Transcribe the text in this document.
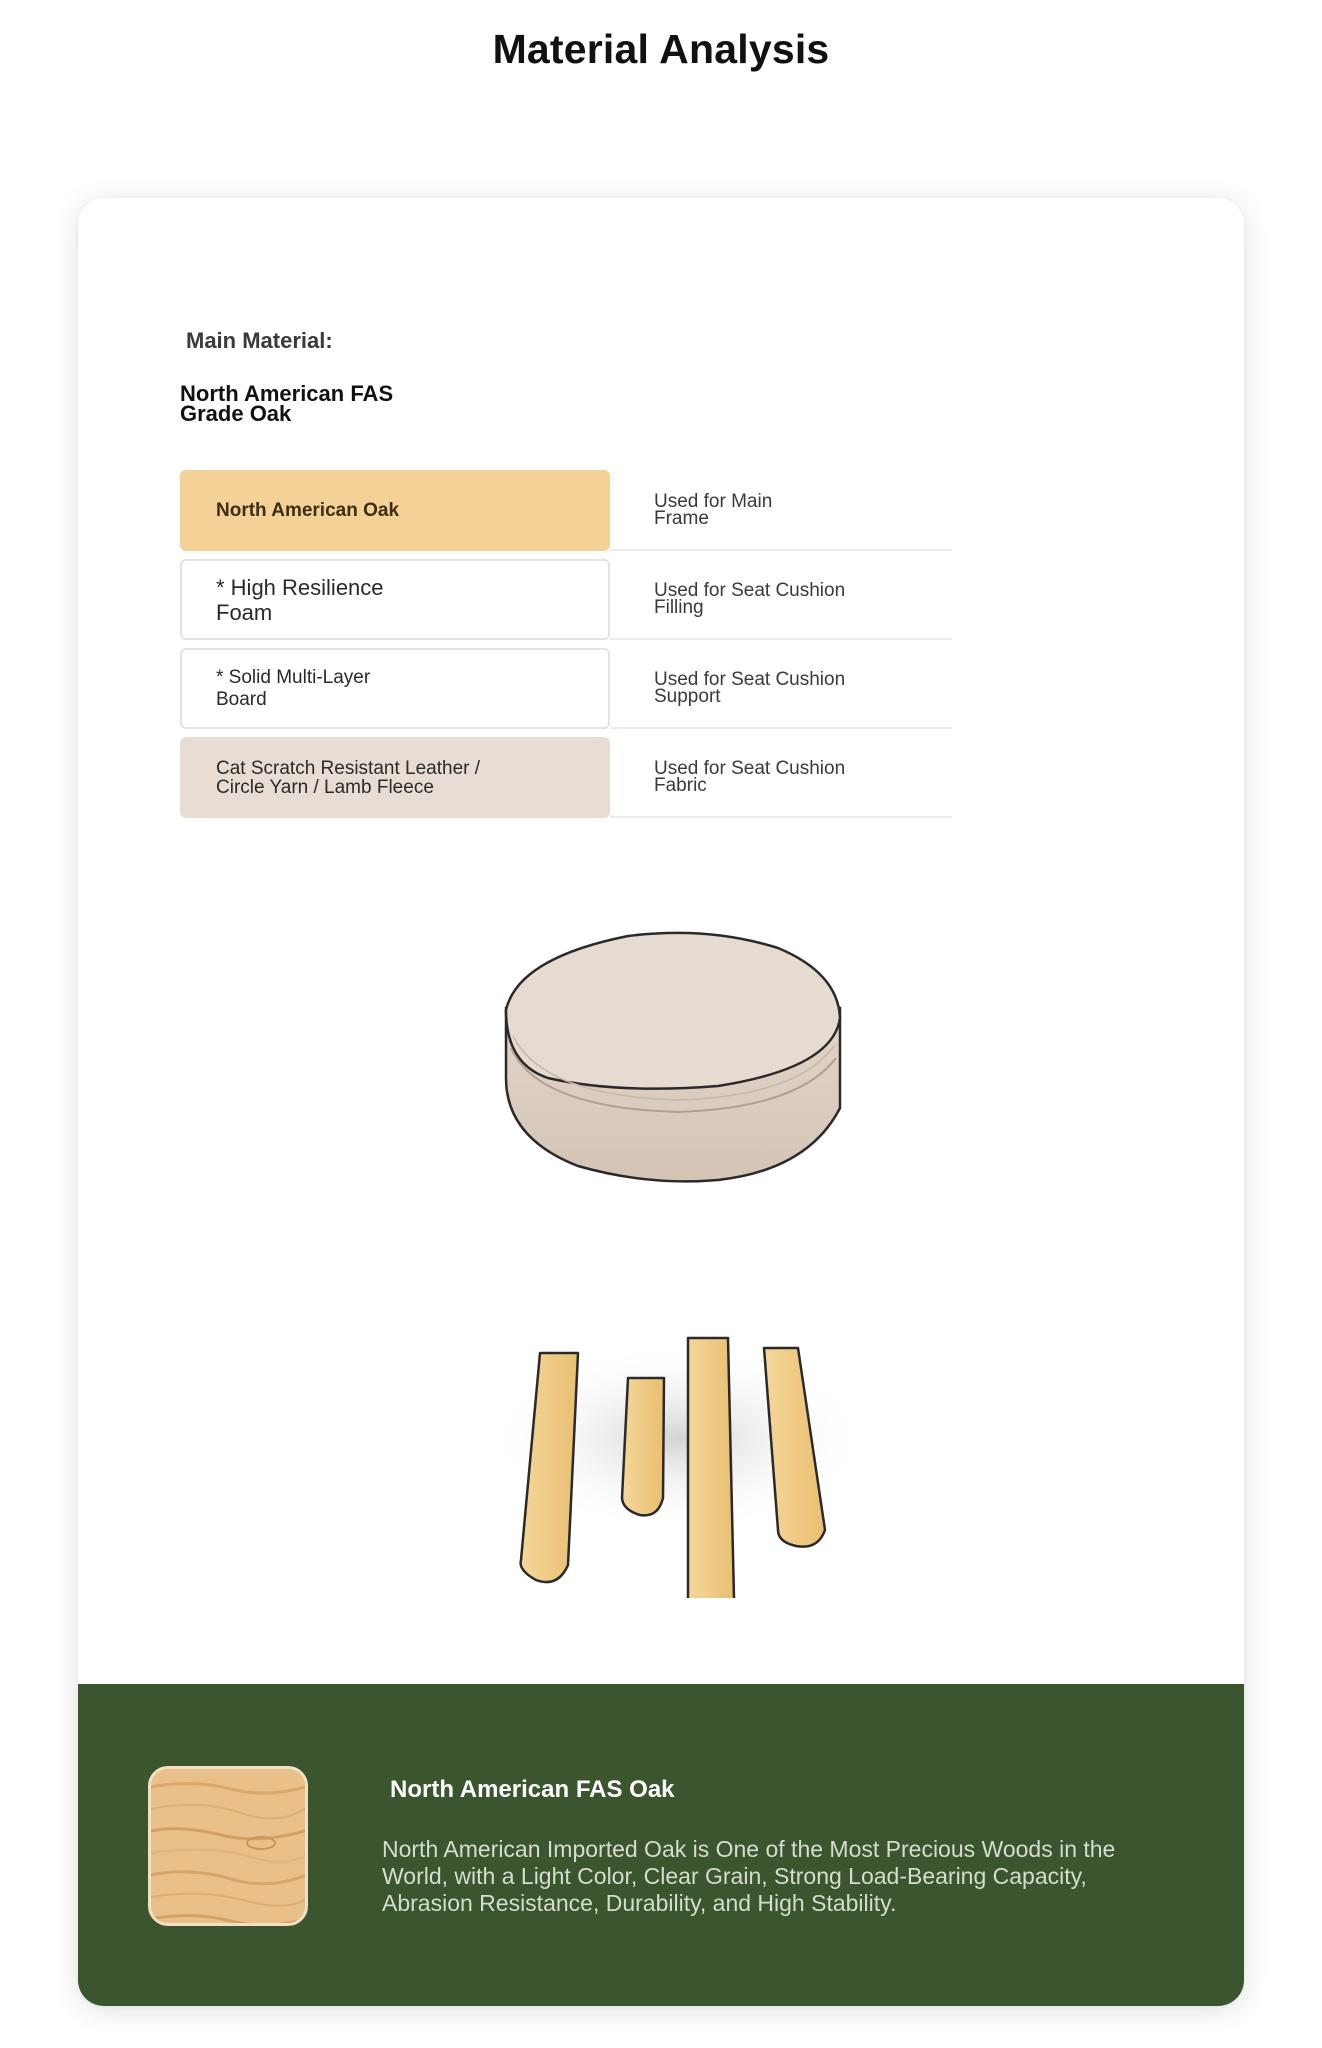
Material Analysis
Main Material:
North American FAS Grade Oak
North American Oak	Used for Main Frame
* High Resilience Foam
Used for Seat Cushion Filling
* Solid Multi-Layer Board
Used for Seat Cushion Support
Cat Scratch Resistant Leather / Circle Yarn / Lamb Fleece
Used for Seat Cushion Fabric
North American FAS Oak
North American Imported Oak is One of the Most Precious Woods in the World, with a Light Color, Clear Grain, Strong Load-Bearing Capacity, Abrasion Resistance, Durability, and High Stability.
